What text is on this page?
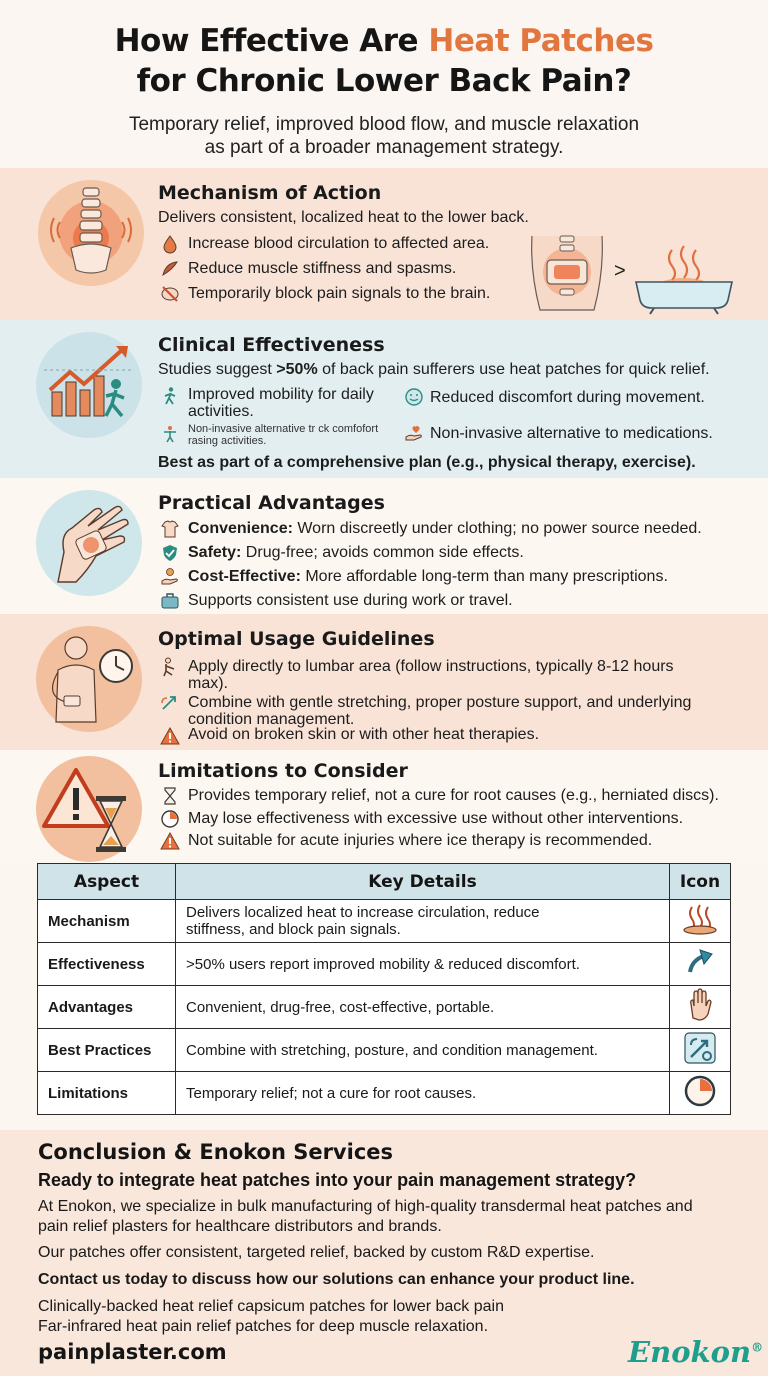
How Effective Are Heat Patches
for Chronic Lower Back Pain?
Temporary relief, improved blood flow, and muscle relaxation
as part of a broader management strategy.
Mechanism of Action
Delivers consistent, localized heat to the lower back.
Increase blood circulation to affected area.
Reduce muscle stiffness and spasms.
Temporarily block pain signals to the brain.
>
Clinical Effectiveness
Studies suggest >50% of back pain sufferers use heat patches for quick relief.
Improved mobility for daily
activities.
Reduced discomfort during movement.
Non-invasive alternative tr ck comfofort
rasing activities.	Non-invasive alternative to medications.
Best as part of a comprehensive plan (e.g., physical therapy, exercise).
Practical Advantages
Convenience: Worn discreetly under clothing; no power source needed.
Safety: Drug-free; avoids common side effects.
Cost-Effective: More affordable long-term than many prescriptions.
Supports consistent use during work or travel.
Optimal Usage Guidelines
Apply directly to lumbar area (follow instructions, typically 8-12 hours
max).
Combine with gentle stretching, proper posture support, and underlying
condition management.
Avoid on broken skin or with other heat therapies.
Limitations to Consider
Provides temporary relief, not a cure for root causes (e.g., herniated discs).
May lose effectiveness with excessive use without other interventions.
Not suitable for acute injuries where ice therapy is recommended.
Aspect	Key Details	Icon
Mechanism	Delivers localized heat to increase circulation, reduce
stiffness, and block pain signals.

Effectiveness	>50% users report improved mobility & reduced discomfort.	
Advantages	Convenient, drug-free, cost-effective, portable.	
Best Practices	Combine with stretching, posture, and condition management.	
Limitations	Temporary relief; not a cure for root causes.	
Conclusion & Enokon Services
Ready to integrate heat patches into your pain management strategy?
At Enokon, we specialize in bulk manufacturing of high-quality transdermal heat patches and
pain relief plasters for healthcare distributors and brands.
Our patches offer consistent, targeted relief, backed by custom R&D expertise.
Contact us today to discuss how our solutions can enhance your product line.
Clinically-backed heat relief capsicum patches for lower back pain
Far-infrared heat pain relief patches for deep muscle relaxation.
painplaster.com	Enokon®
